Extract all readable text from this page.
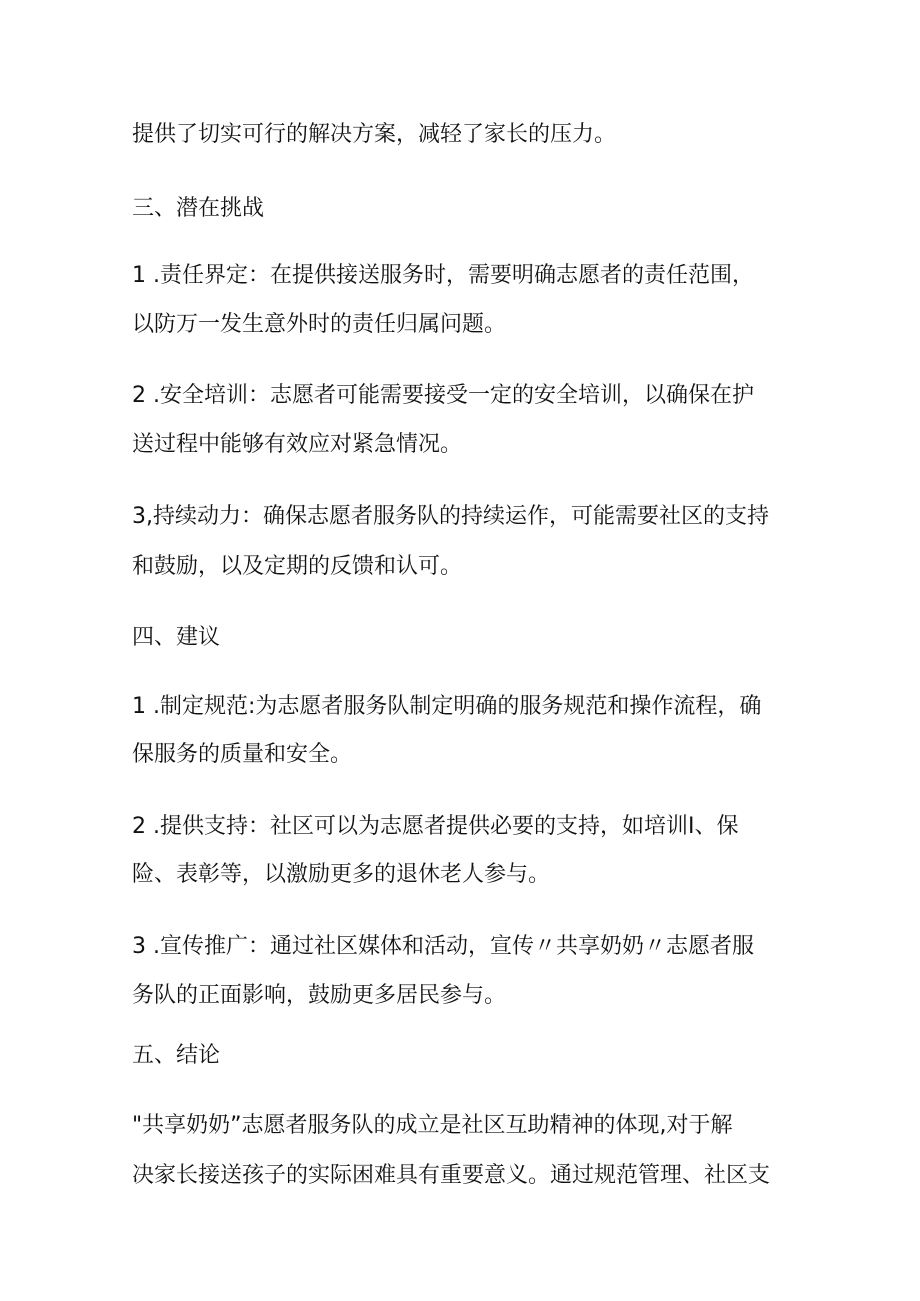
提供了切实可行的解决方案，减轻了家长的压力。
三、潜在挑战
1 .责任界定：在提供接送服务时，需要明确志愿者的责任范围，
以防万一发生意外时的责任归属问题。
2 .安全培训：志愿者可能需要接受一定的安全培训，以确保在护
送过程中能够有效应对紧急情况。
3,持续动力：确保志愿者服务队的持续运作，可能需要社区的支持
和鼓励，以及定期的反馈和认可。
四、建议
1 .制定规范:为志愿者服务队制定明确的服务规范和操作流程，确
保服务的质量和安全。
2 .提供支持：社区可以为志愿者提供必要的支持，如培训I、保
险、表彰等，以激励更多的退休老人参与。
3 .宣传推广：通过社区媒体和活动，宣传〃共享奶奶〃志愿者服
务队的正面影响，鼓励更多居民参与。
五、结论
"共享奶奶”志愿者服务队的成立是社区互助精神的体现,对于解
决家长接送孩子的实际困难具有重要意义。通过规范管理、社区支
